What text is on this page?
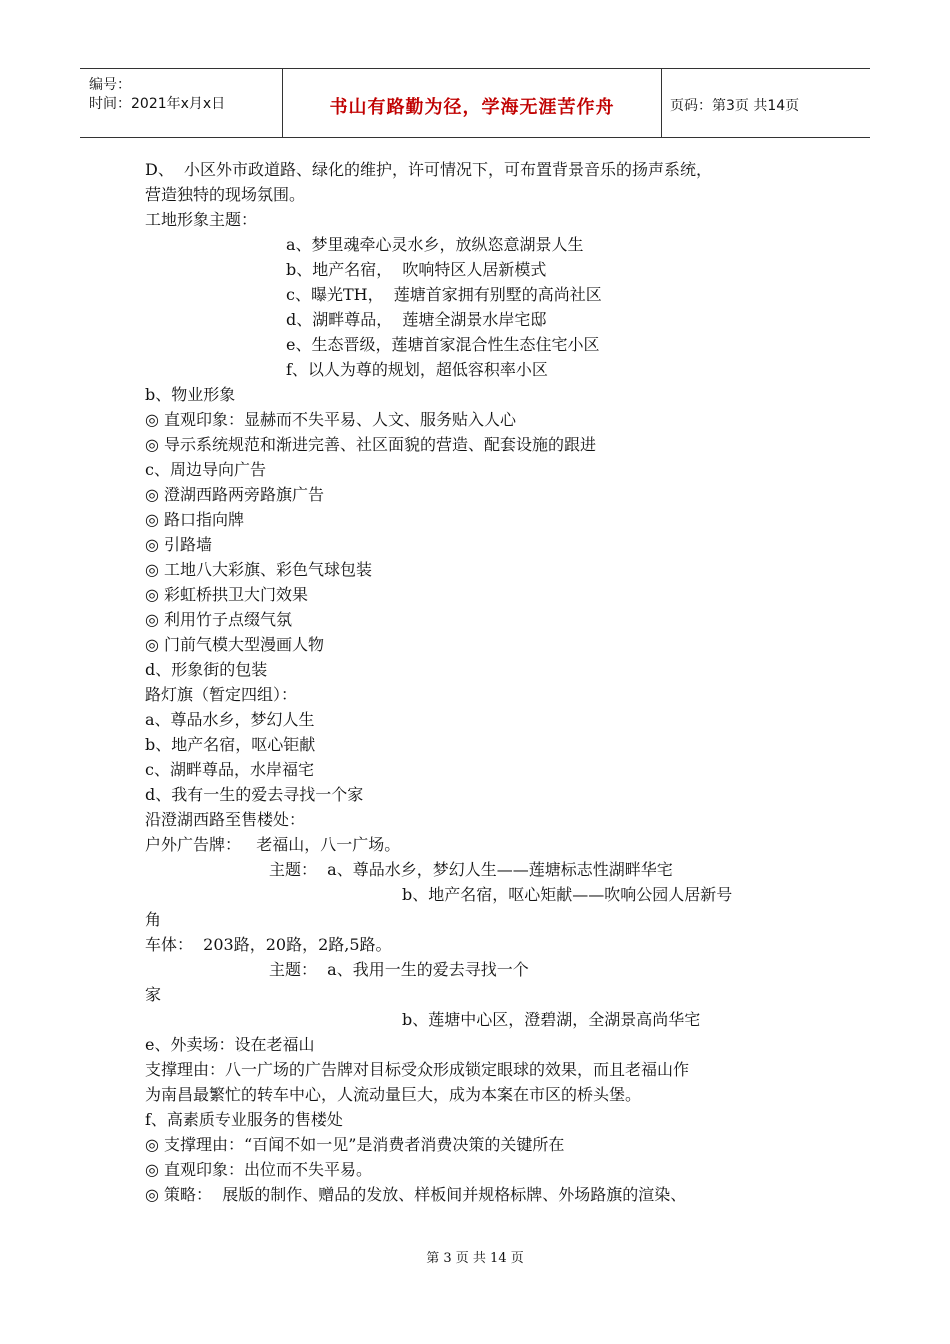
编号：
时间：2021年x月x日	书山有路勤为径，学海无涯苦作舟	页码：第3页 共14页
D、  小区外市政道路、绿化的维护，许可情况下，可布置背景音乐的扬声系统，
营造独特的现场氛围。
工地形象主题：
a、梦里魂牵心灵水乡，放纵恣意湖景人生
b、地产名宿，  吹响特区人居新模式
c、曝光TH，  莲塘首家拥有别墅的高尚社区
d、湖畔尊品，  莲塘全湖景水岸宅邸
e、生态晋级，莲塘首家混合性生态住宅小区
f、以人为尊的规划，超低容积率小区
b、物业形象
◎ 直观印象：显赫而不失平易、人文、服务贴入人心
◎ 导示系统规范和渐进完善、社区面貌的营造、配套设施的跟进
c、周边导向广告
◎ 澄湖西路两旁路旗广告
◎ 路口指向牌
◎ 引路墙
◎ 工地八大彩旗、彩色气球包装
◎ 彩虹桥拱卫大门效果
◎ 利用竹子点缀气氛
◎ 门前气模大型漫画人物
d、形象街的包装
路灯旗（暂定四组）：
a、尊品水乡，梦幻人生
b、地产名宿，呕心钜献
c、湖畔尊品，水岸福宅
d、我有一生的爱去寻找一个家
沿澄湖西路至售楼处：
户外广告牌：   老福山，八一广场。
主题：  a、尊品水乡，梦幻人生——莲塘标志性湖畔华宅
b、地产名宿，呕心矩献——吹响公园人居新号
角
车体：  203路，20路，2路,5路。
主题：  a、我用一生的爱去寻找一个
家
b、莲塘中心区，澄碧湖，全湖景高尚华宅
e、外卖场：设在老福山
支撑理由：八一广场的广告牌对目标受众形成锁定眼球的效果，而且老福山作
为南昌最繁忙的转车中心，人流动量巨大，成为本案在市区的桥头堡。
f、高素质专业服务的售楼处
◎ 支撑理由：“百闻不如一见”是消费者消费决策的关键所在
◎ 直观印象：出位而不失平易。
◎ 策略：  展版的制作、赠品的发放、样板间并规格标牌、外场路旗的渲染、
第 3 页 共 14 页
